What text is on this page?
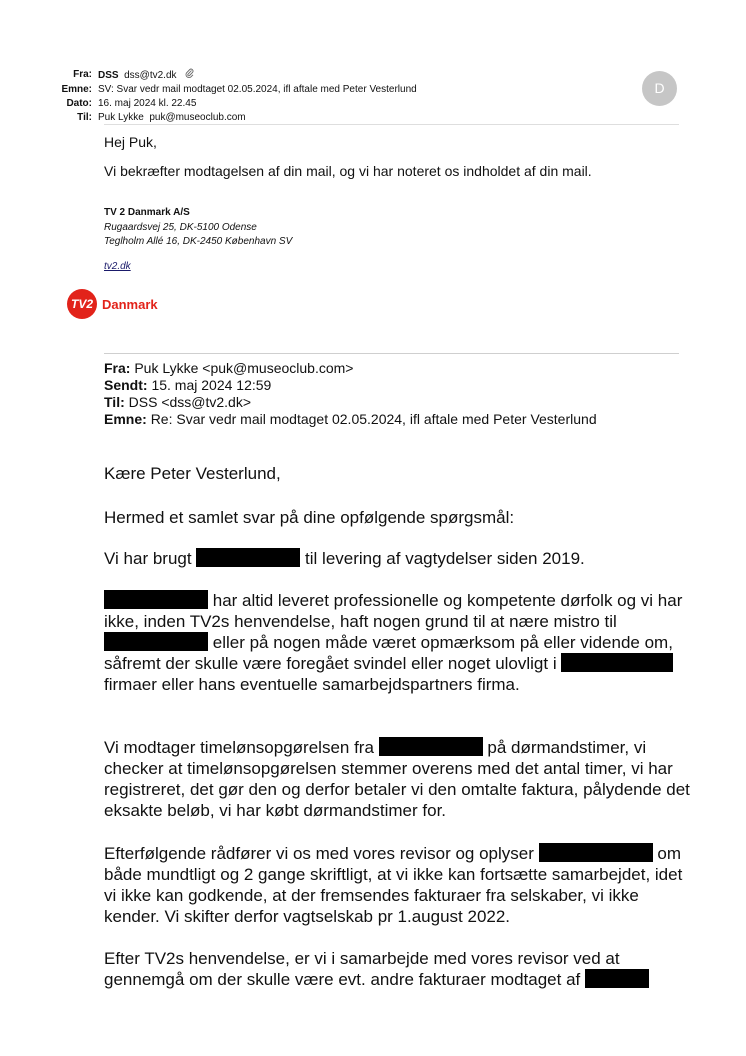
Fra: DSS dss@tv2.dk
Emne: SV: Svar vedr mail modtaget 02.05.2024, ifl aftale med Peter Vesterlund
Dato: 16. maj 2024 kl. 22.45
Til: Puk Lykke puk@museoclub.com
D
Hej Puk,
Vi bekræfter modtagelsen af din mail, og vi har noteret os indholdet af din mail.
TV 2 Danmark A/S
Rugaardsvej 25, DK-5100 Odense
Teglholm Allé 16, DK-2450 København SV
tv2.dk
TV2 Danmark
Fra: Puk Lykke <puk@museoclub.com>
Sendt: 15. maj 2024 12:59
Til: DSS <dss@tv2.dk>
Emne: Re: Svar vedr mail modtaget 02.05.2024, ifl aftale med Peter Vesterlund
Kære Peter Vesterlund,
Hermed et samlet svar på dine opfølgende spørgsmål:
Vi har brugt	til levering af vagtydelser siden 2019.
har altid leveret professionelle og kompetente dørfolk og vi har ikke, inden TV2s henvendelse, haft nogen grund til at nære mistro til  eller på nogen måde været opmærksom på eller vidende om, såfremt der skulle være foregået svindel eller noget ulovligt i  firmaer eller hans eventuelle samarbejdspartners firma.
Vi modtager timelønsopgørelsen fra	på dørmandstimer, vi checker at timelønsopgørelsen stemmer overens med det antal timer, vi har registreret, det gør den og derfor betaler vi den omtalte faktura, pålydende det eksakte beløb, vi har købt dørmandstimer for.
Efterfølgende rådfører vi os med vores revisor og oplyser	om både mundtligt og 2 gange skriftligt, at vi ikke kan fortsætte samarbejdet, idet vi ikke kan godkende, at der fremsendes fakturaer fra selskaber, vi ikke kender. Vi skifter derfor vagtselskab pr 1.august 2022.
Efter TV2s henvendelse, er vi i samarbejde med vores revisor ved at gennemgå om der skulle være evt. andre fakturaer modtaget af
